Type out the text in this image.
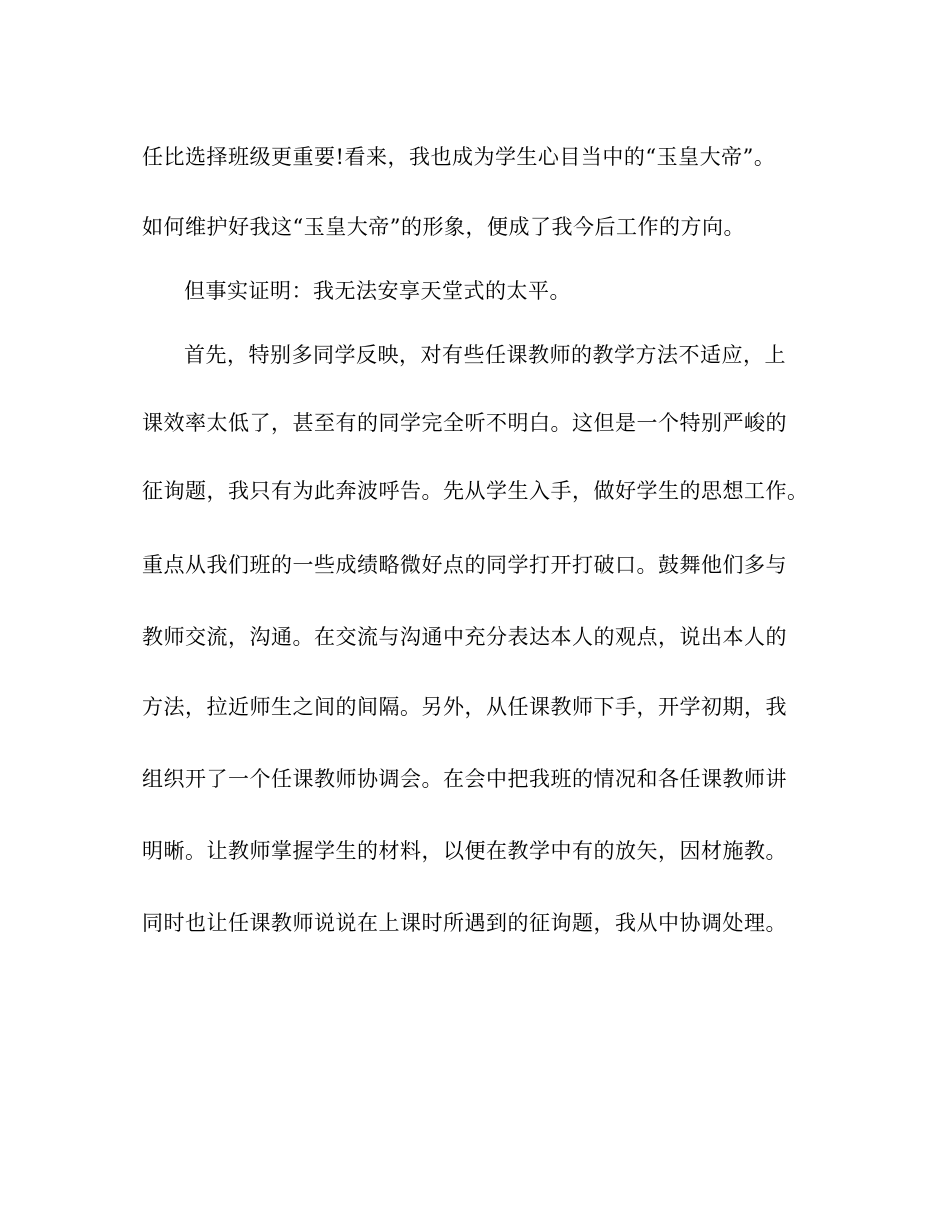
任比选择班级更重要!看来，我也成为学生心目当中的“玉皇大帝”。

如何维护好我这“玉皇大帝”的形象，便成了我今后工作的方向。

但事实证明：我无法安享天堂式的太平。

首先，特别多同学反映，对有些任课教师的教学方法不适应，上

课效率太低了，甚至有的同学完全听不明白。这但是一个特别严峻的

征询题，我只有为此奔波呼告。先从学生入手，做好学生的思想工作。

重点从我们班的一些成绩略微好点的同学打开打破口。鼓舞他们多与

教师交流，沟通。在交流与沟通中充分表达本人的观点，说出本人的

方法，拉近师生之间的间隔。另外，从任课教师下手，开学初期，我

组织开了一个任课教师协调会。在会中把我班的情况和各任课教师讲

明晰。让教师掌握学生的材料，以便在教学中有的放矢，因材施教。

同时也让任课教师说说在上课时所遇到的征询题，我从中协调处理。
